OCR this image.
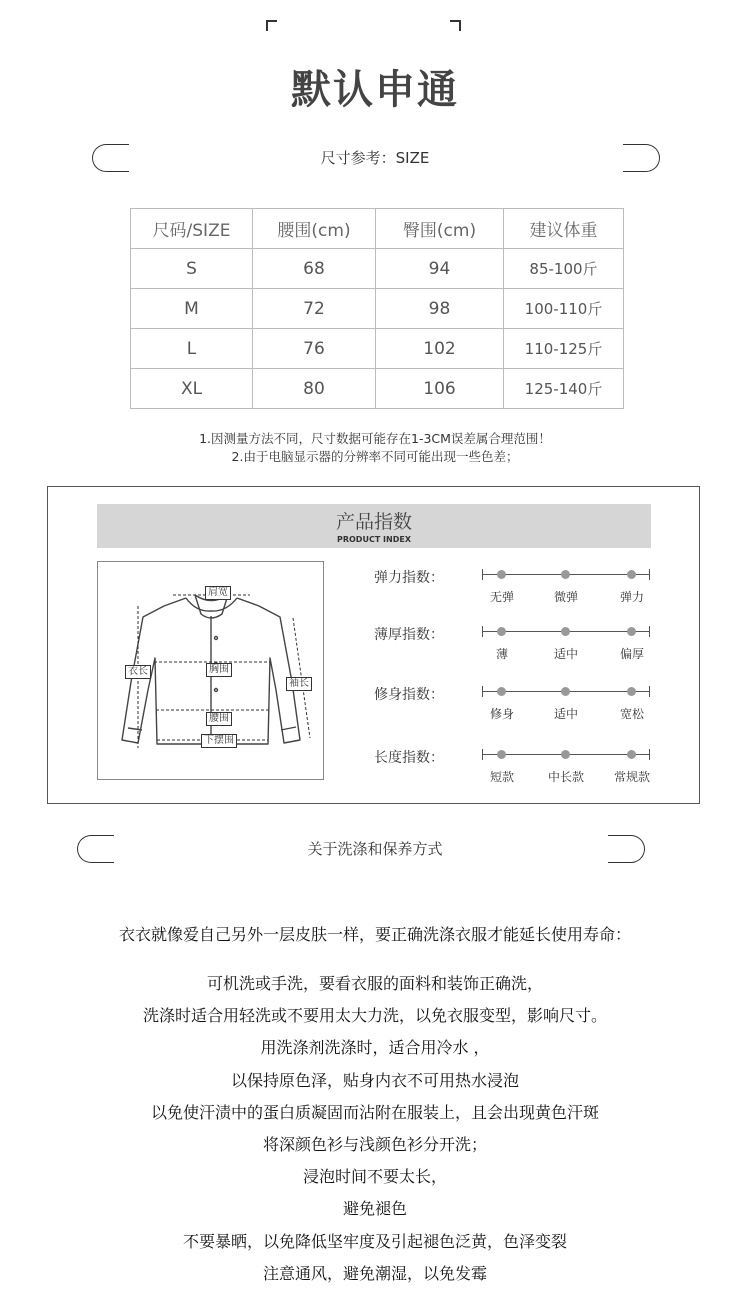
默认申通
尺寸参考：SIZE
尺码/SIZE	腰围(cm)	臀围(cm)	建议体重
S	68	94	85-100斤
M	72	98	100-110斤
L	76	102	110-125斤
XL	80	106	125-140斤
1.因测量方法不同，尺寸数据可能存在1-3CM误差属合理范围！
2.由于电脑显示器的分辨率不同可能出现一些色差；
产品指数
PRODUCT INDEX
肩宽
衣长	胸围
袖长
腰围
下摆围
弹力指数：
无弹	微弹	弹力
薄厚指数：
薄	适中	偏厚
修身指数：
修身	适中	宽松
长度指数：
短款	中长款	常规款
关于洗涤和保养方式
衣衣就像爱自己另外一层皮肤一样，要正确洗涤衣服才能延长使用寿命：
可机洗或手洗，要看衣服的面料和装饰正确洗，
洗涤时适合用轻洗或不要用太大力洗，以免衣服变型，影响尺寸。
用洗涤剂洗涤时，适合用冷水 ，
以保持原色泽，贴身内衣不可用热水浸泡
以免使汗渍中的蛋白质凝固而沾附在服装上，且会出现黄色汗斑
将深颜色衫与浅颜色衫分开洗；
浸泡时间不要太长，
避免褪色
不要暴晒，以免降低坚牢度及引起褪色泛黄，色泽变裂
注意通风，避免潮湿，以免发霉
